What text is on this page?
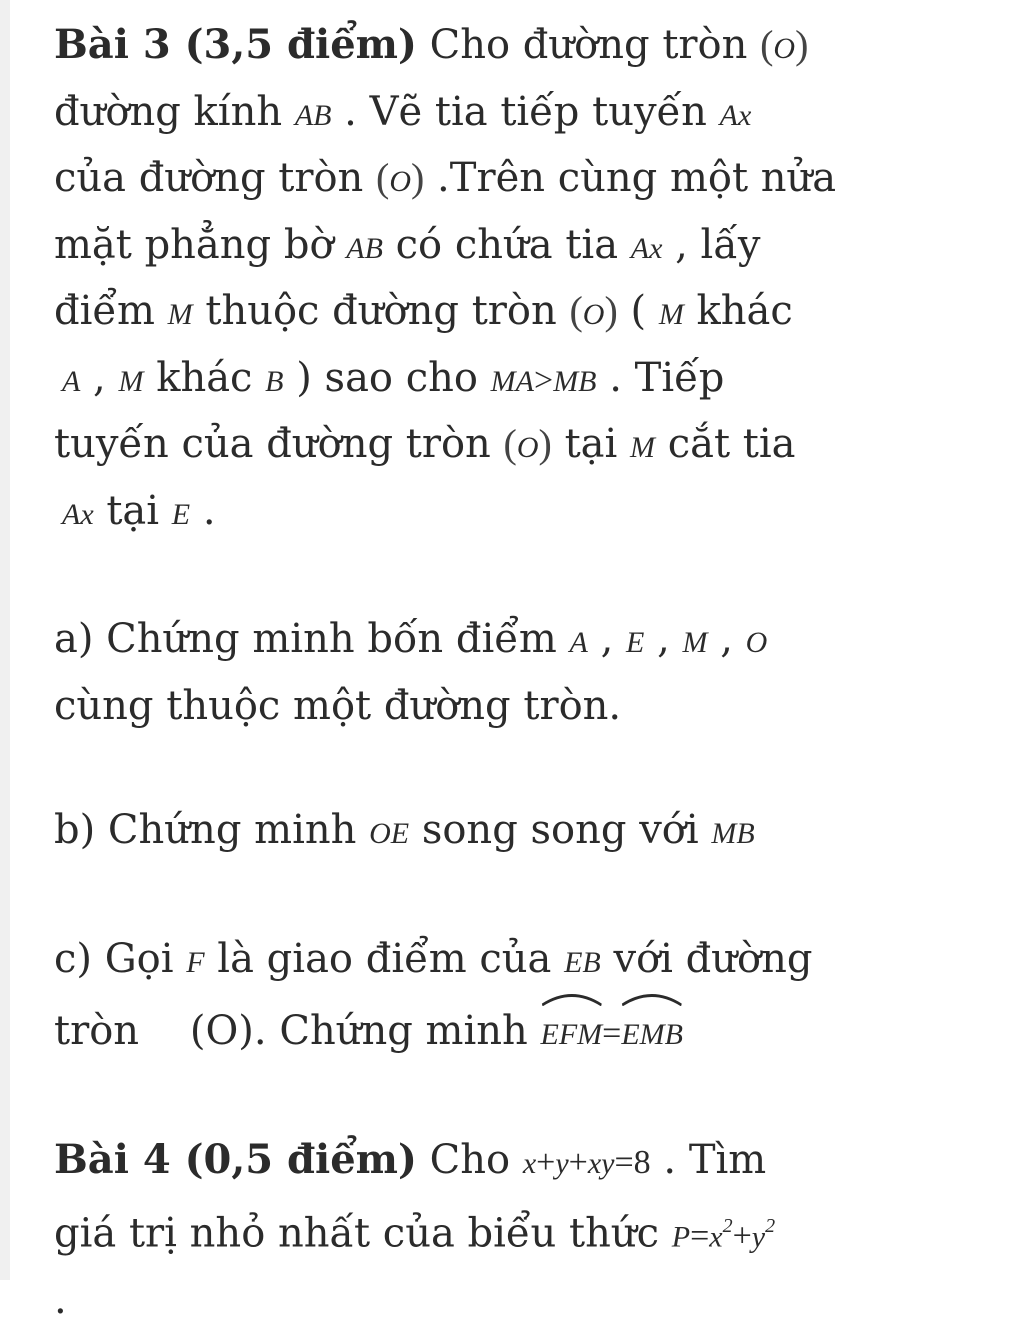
Bài 3 (3,5 điểm) Cho đường tròn (O)
đường kính AB . Vẽ tia tiếp tuyến Ax
của đường tròn (O) .Trên cùng một nửa
mặt phẳng bờ AB có chứa tia Ax , lấy
điểm M thuộc đường tròn (O) ( M khác
A , M khác B ) sao cho MA>MB . Tiếp
tuyến của đường tròn (O) tại M cắt tia
Ax tại E .
a) Chứng minh bốn điểm A , E , M , O
cùng thuộc một đường tròn.
b) Chứng minh OE song song với MB
c) Gọi F là giao điểm của EB với đường
tròn    (O). Chứng minh
EFM=
EMB
Bài 4 (0,5 điểm) Cho x+y+xy=8 . Tìm
giá trị nhỏ nhất của biểu thức $P=x^2+y^2$
.
